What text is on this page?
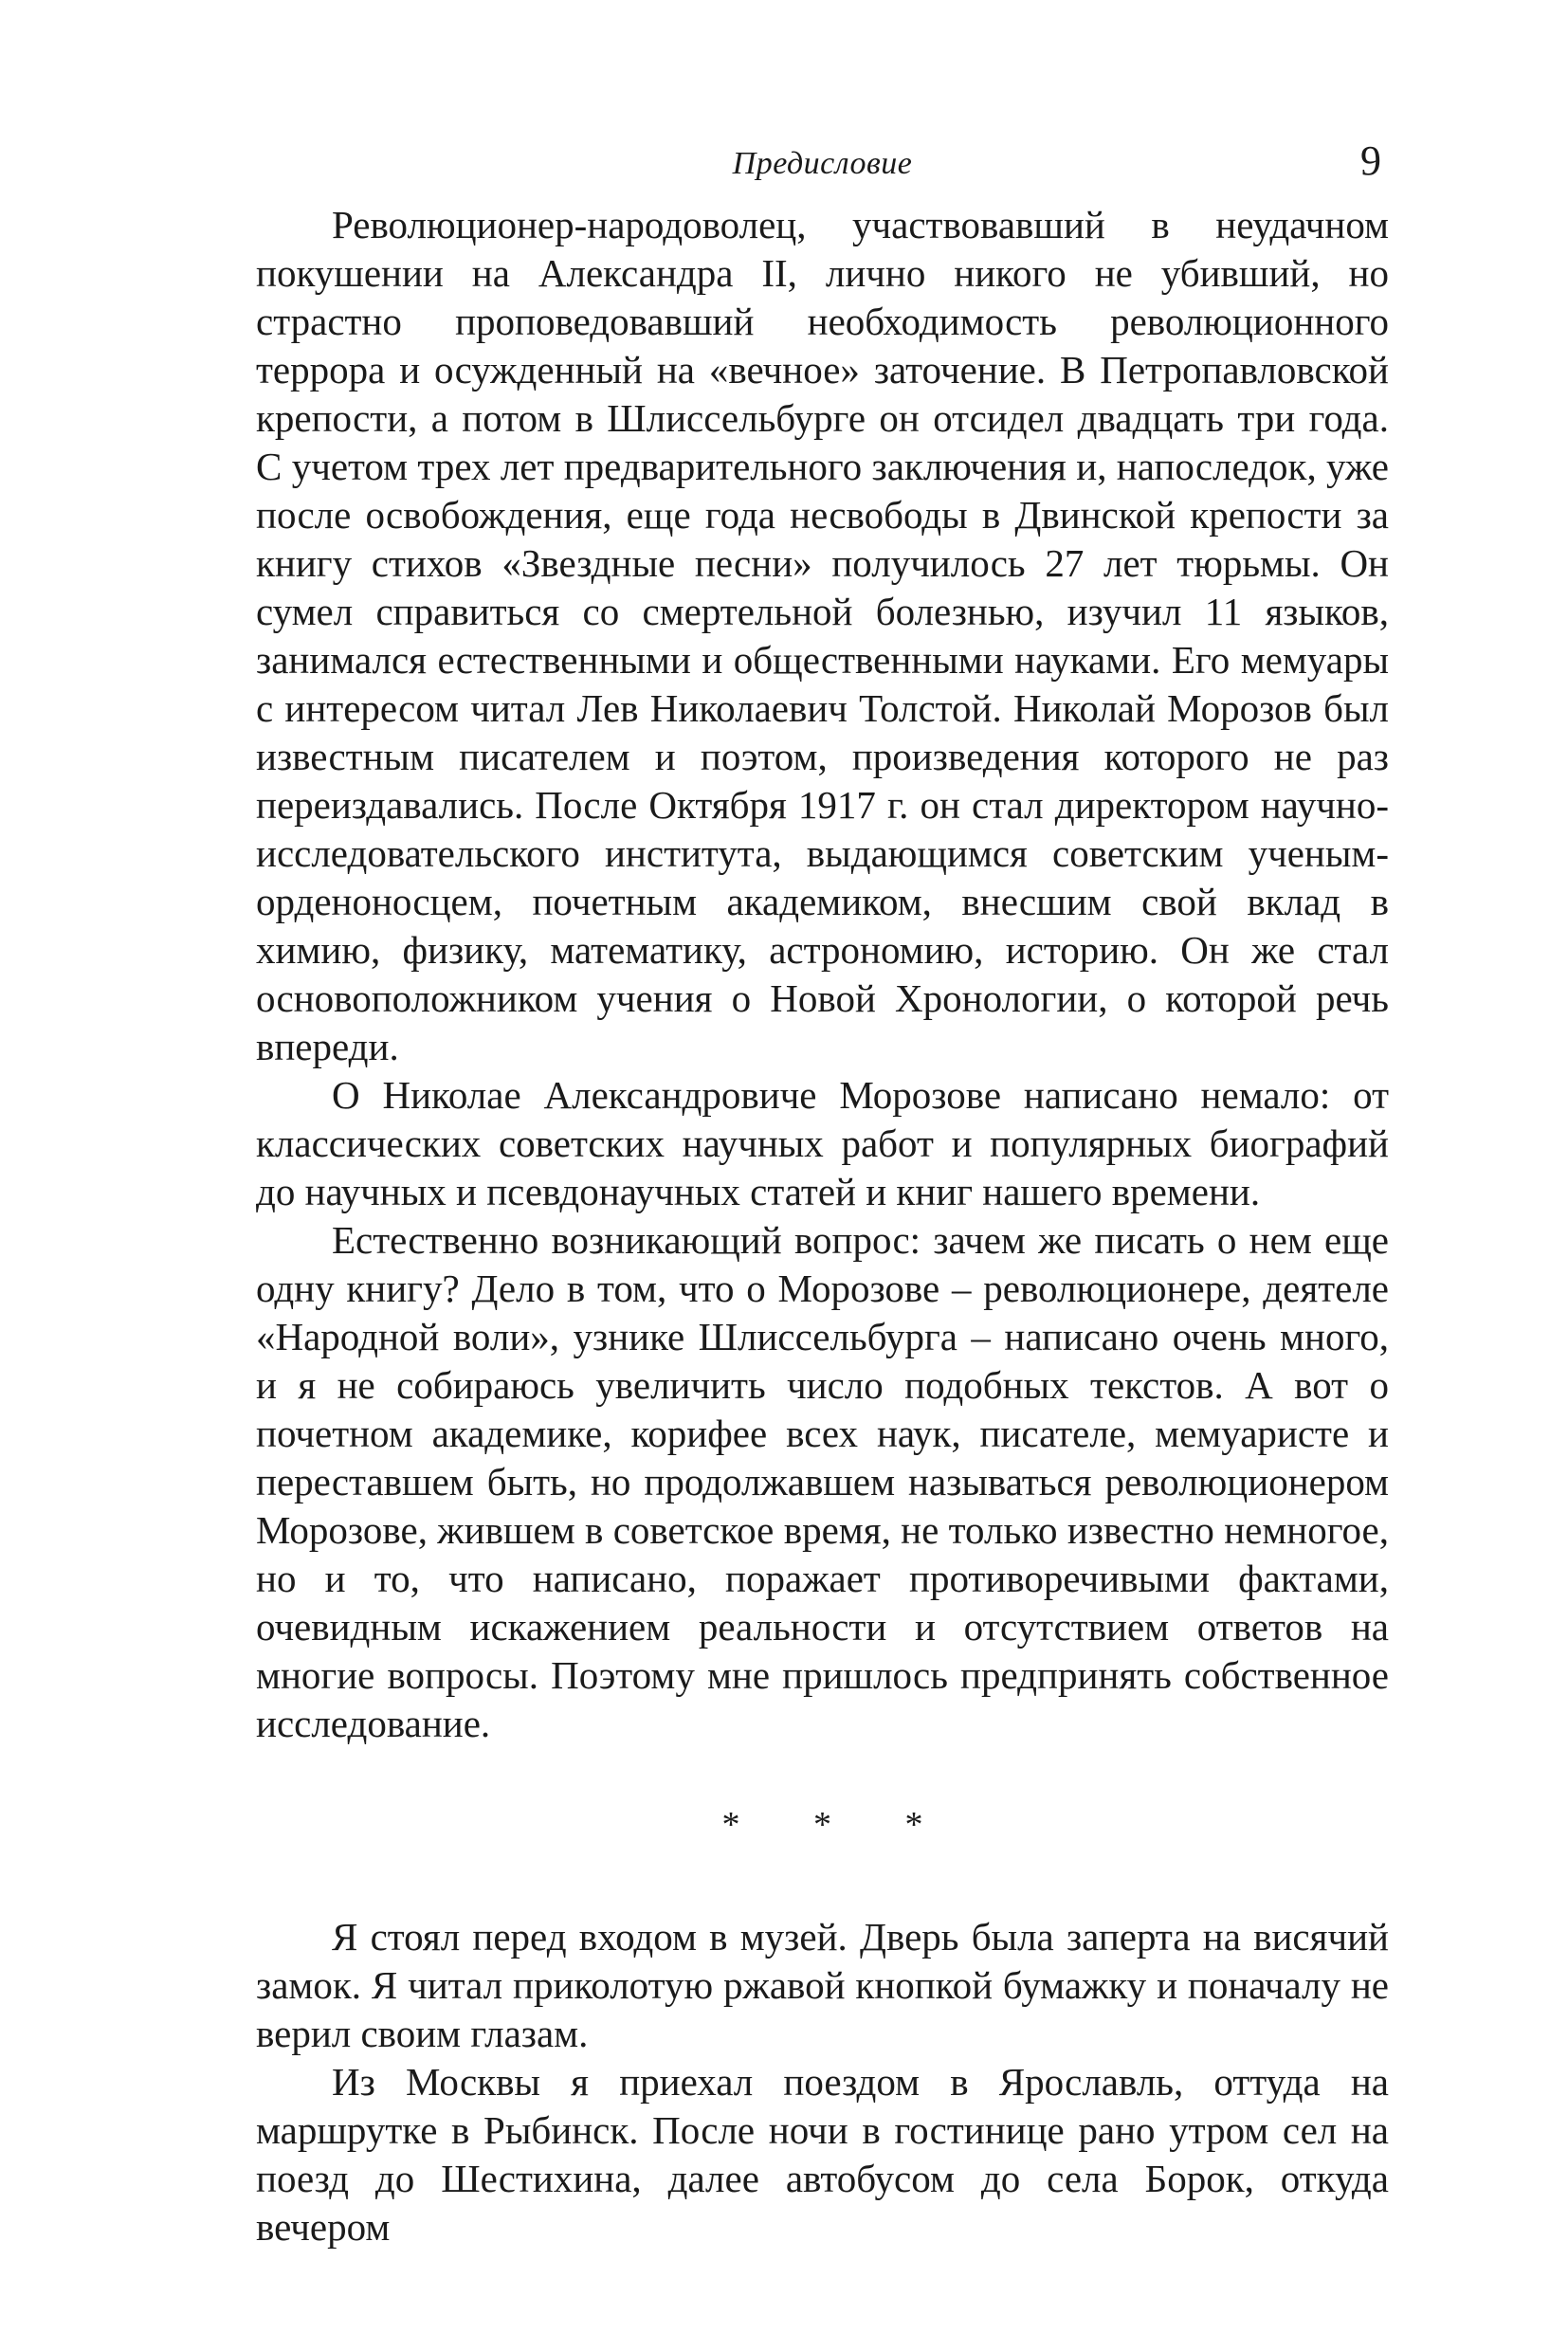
Предисловие	9

Революционер-народоволец, участвовавший в неудачном покушении на Александра II, лично никого не убивший, но страстно проповедовавший необходимость революционного террора и осужденный на «вечное» заточение. В Петропавловской крепости, а потом в Шлиссельбурге он отсидел двадцать три года. С учетом трех лет предварительного заключения и, напоследок, уже после освобождения, еще года несвободы в Двинской крепости за книгу стихов «Звездные песни» получилось 27 лет тюрьмы. Он сумел справиться со смертельной болезнью, изучил 11 языков, занимался естественными и общественными науками. Его мемуары с интересом читал Лев Николаевич Толстой. Николай Морозов был известным писателем и поэтом, произведения которого не раз переиздавались. После Октября 1917 г. он стал директором научно-исследовательского института, выдающимся советским ученым-орденоносцем, почетным академиком, внесшим свой вклад в химию, физику, математику, астрономию, историю. Он же стал основоположником учения о Новой Хронологии, о которой речь впереди.

О Николае Александровиче Морозове написано немало: от классических советских научных работ и популярных биографий до научных и псевдонаучных статей и книг нашего времени.

Естественно возникающий вопрос: зачем же писать о нем еще одну книгу? Дело в том, что о Морозове – революционере, деятеле «Народной воли», узнике Шлиссельбурга – написано очень много, и я не собираюсь увеличить число подобных текстов. А вот о почетном академике, корифее всех наук, писателе, мемуаристе и переставшем быть, но продолжавшем называться революционером Морозове, жившем в советское время, не только известно немногое, но и то, что написано, поражает противоречивыми фактами, очевидным искажением реальности и отсутствием ответов на многие вопросы. Поэтому мне пришлось предпринять собственное исследование.

* * *

Я стоял перед входом в музей. Дверь была заперта на висячий замок. Я читал приколотую ржавой кнопкой бумажку и поначалу не верил своим глазам.

Из Москвы я приехал поездом в Ярославль, оттуда на маршрутке в Рыбинск. После ночи в гостинице рано утром сел на поезд до Шестихина, далее автобусом до села Борок, откуда вечером
